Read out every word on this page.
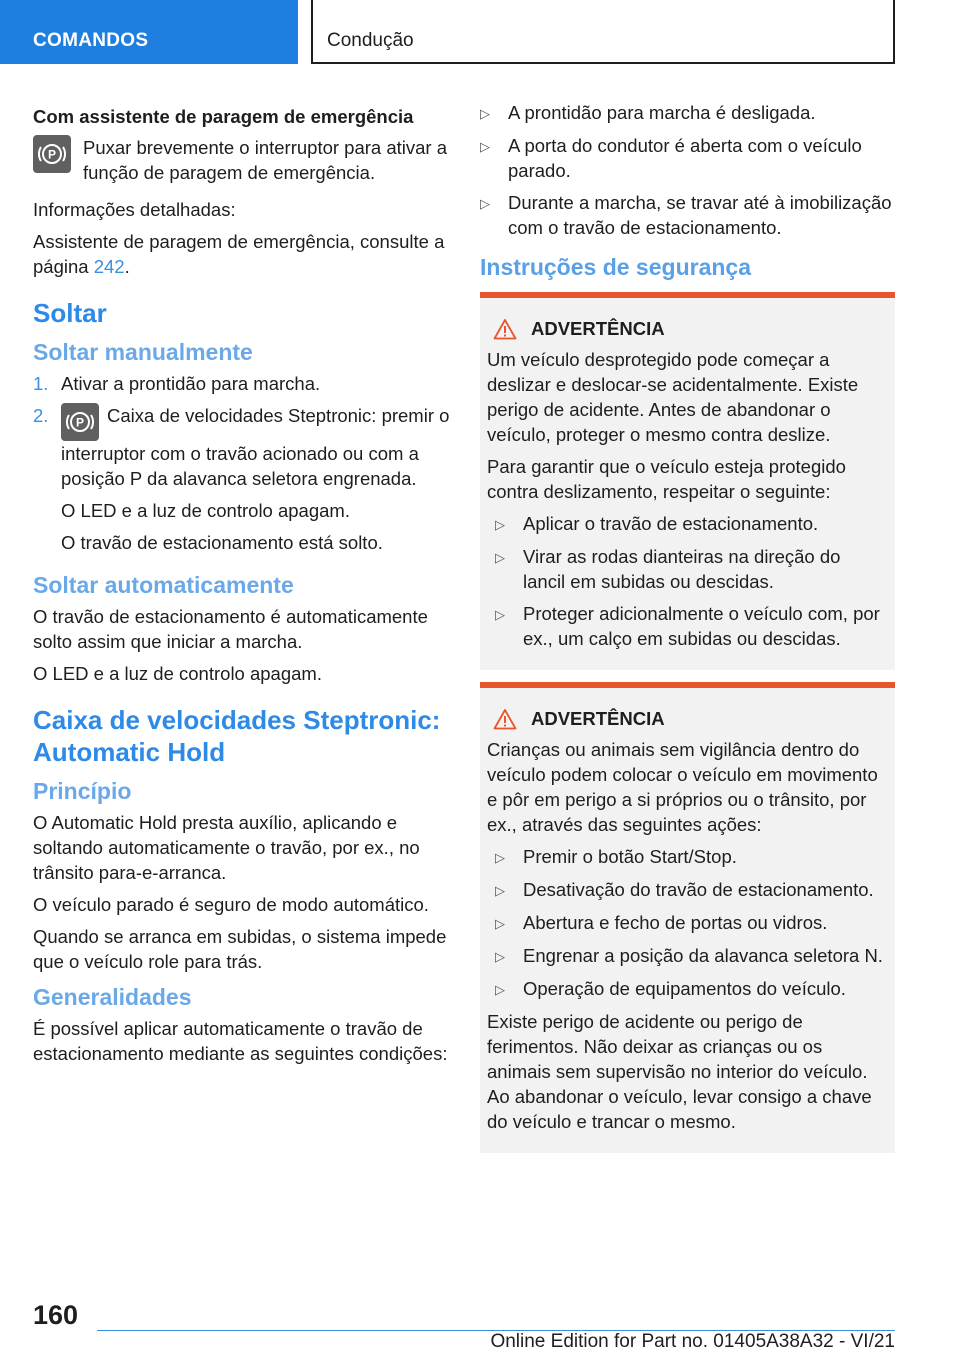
COMANDOS	Condução
Com assistente de paragem de emergência
P Puxar brevemente o interruptor para ativar a função de paragem de emergência.

Informações detalhadas:

Assistente de paragem de emergência, consulte a página 242.

Soltar
Soltar manualmente
1. Ativar a prontidão para marcha.
2.	P Caixa de velocidades Steptronic: premir o interruptor com o travão acionado ou com a posição P da alavanca seletora engrenada.

O LED e a luz de controlo apagam.

O travão de estacionamento está solto.

Soltar automaticamente

O travão de estacionamento é automaticamente solto assim que iniciar a marcha.

O LED e a luz de controlo apagam.

Caixa de velocidades Steptronic: Automatic Hold
Princípio

O Automatic Hold presta auxílio, aplicando e soltando automaticamente o travão, por ex., no trânsito para-e-arranca.

O veículo parado é seguro de modo automático.

Quando se arranca em subidas, o sistema impede que o veículo role para trás.

Generalidades

É possível aplicar automaticamente o travão de estacionamento mediante as seguintes condições:

▷ A prontidão para marcha é desligada.
▷ A porta do condutor é aberta com o veículo parado.
▷ Durante a marcha, se travar até à imobilização com o travão de estacionamento.
Instruções de segurança
ADVERTÊNCIA

Um veículo desprotegido pode começar a deslizar e deslocar-se acidentalmente. Existe perigo de acidente. Antes de abandonar o veículo, proteger o mesmo contra deslize.

Para garantir que o veículo esteja protegido contra deslizamento, respeitar o seguinte:

▷ Aplicar o travão de estacionamento.
▷ Virar as rodas dianteiras na direção do lancil em subidas ou descidas.
▷ Proteger adicionalmente o veículo com, por ex., um calço em subidas ou descidas.
ADVERTÊNCIA

Crianças ou animais sem vigilância dentro do veículo podem colocar o veículo em movimento e pôr em perigo a si próprios ou o trânsito, por ex., através das seguintes ações:

▷ Premir o botão Start/Stop.
▷ Desativação do travão de estacionamento.
▷ Abertura e fecho de portas ou vidros.
▷ Engrenar a posição da alavanca seletora N.
▷ Operação de equipamentos do veículo.

Existe perigo de acidente ou perigo de ferimentos. Não deixar as crianças ou os animais sem supervisão no interior do veículo. Ao abandonar o veículo, levar consigo a chave do veículo e trancar o mesmo.

160
Online Edition for Part no. 01405A38A32 - VI/21
